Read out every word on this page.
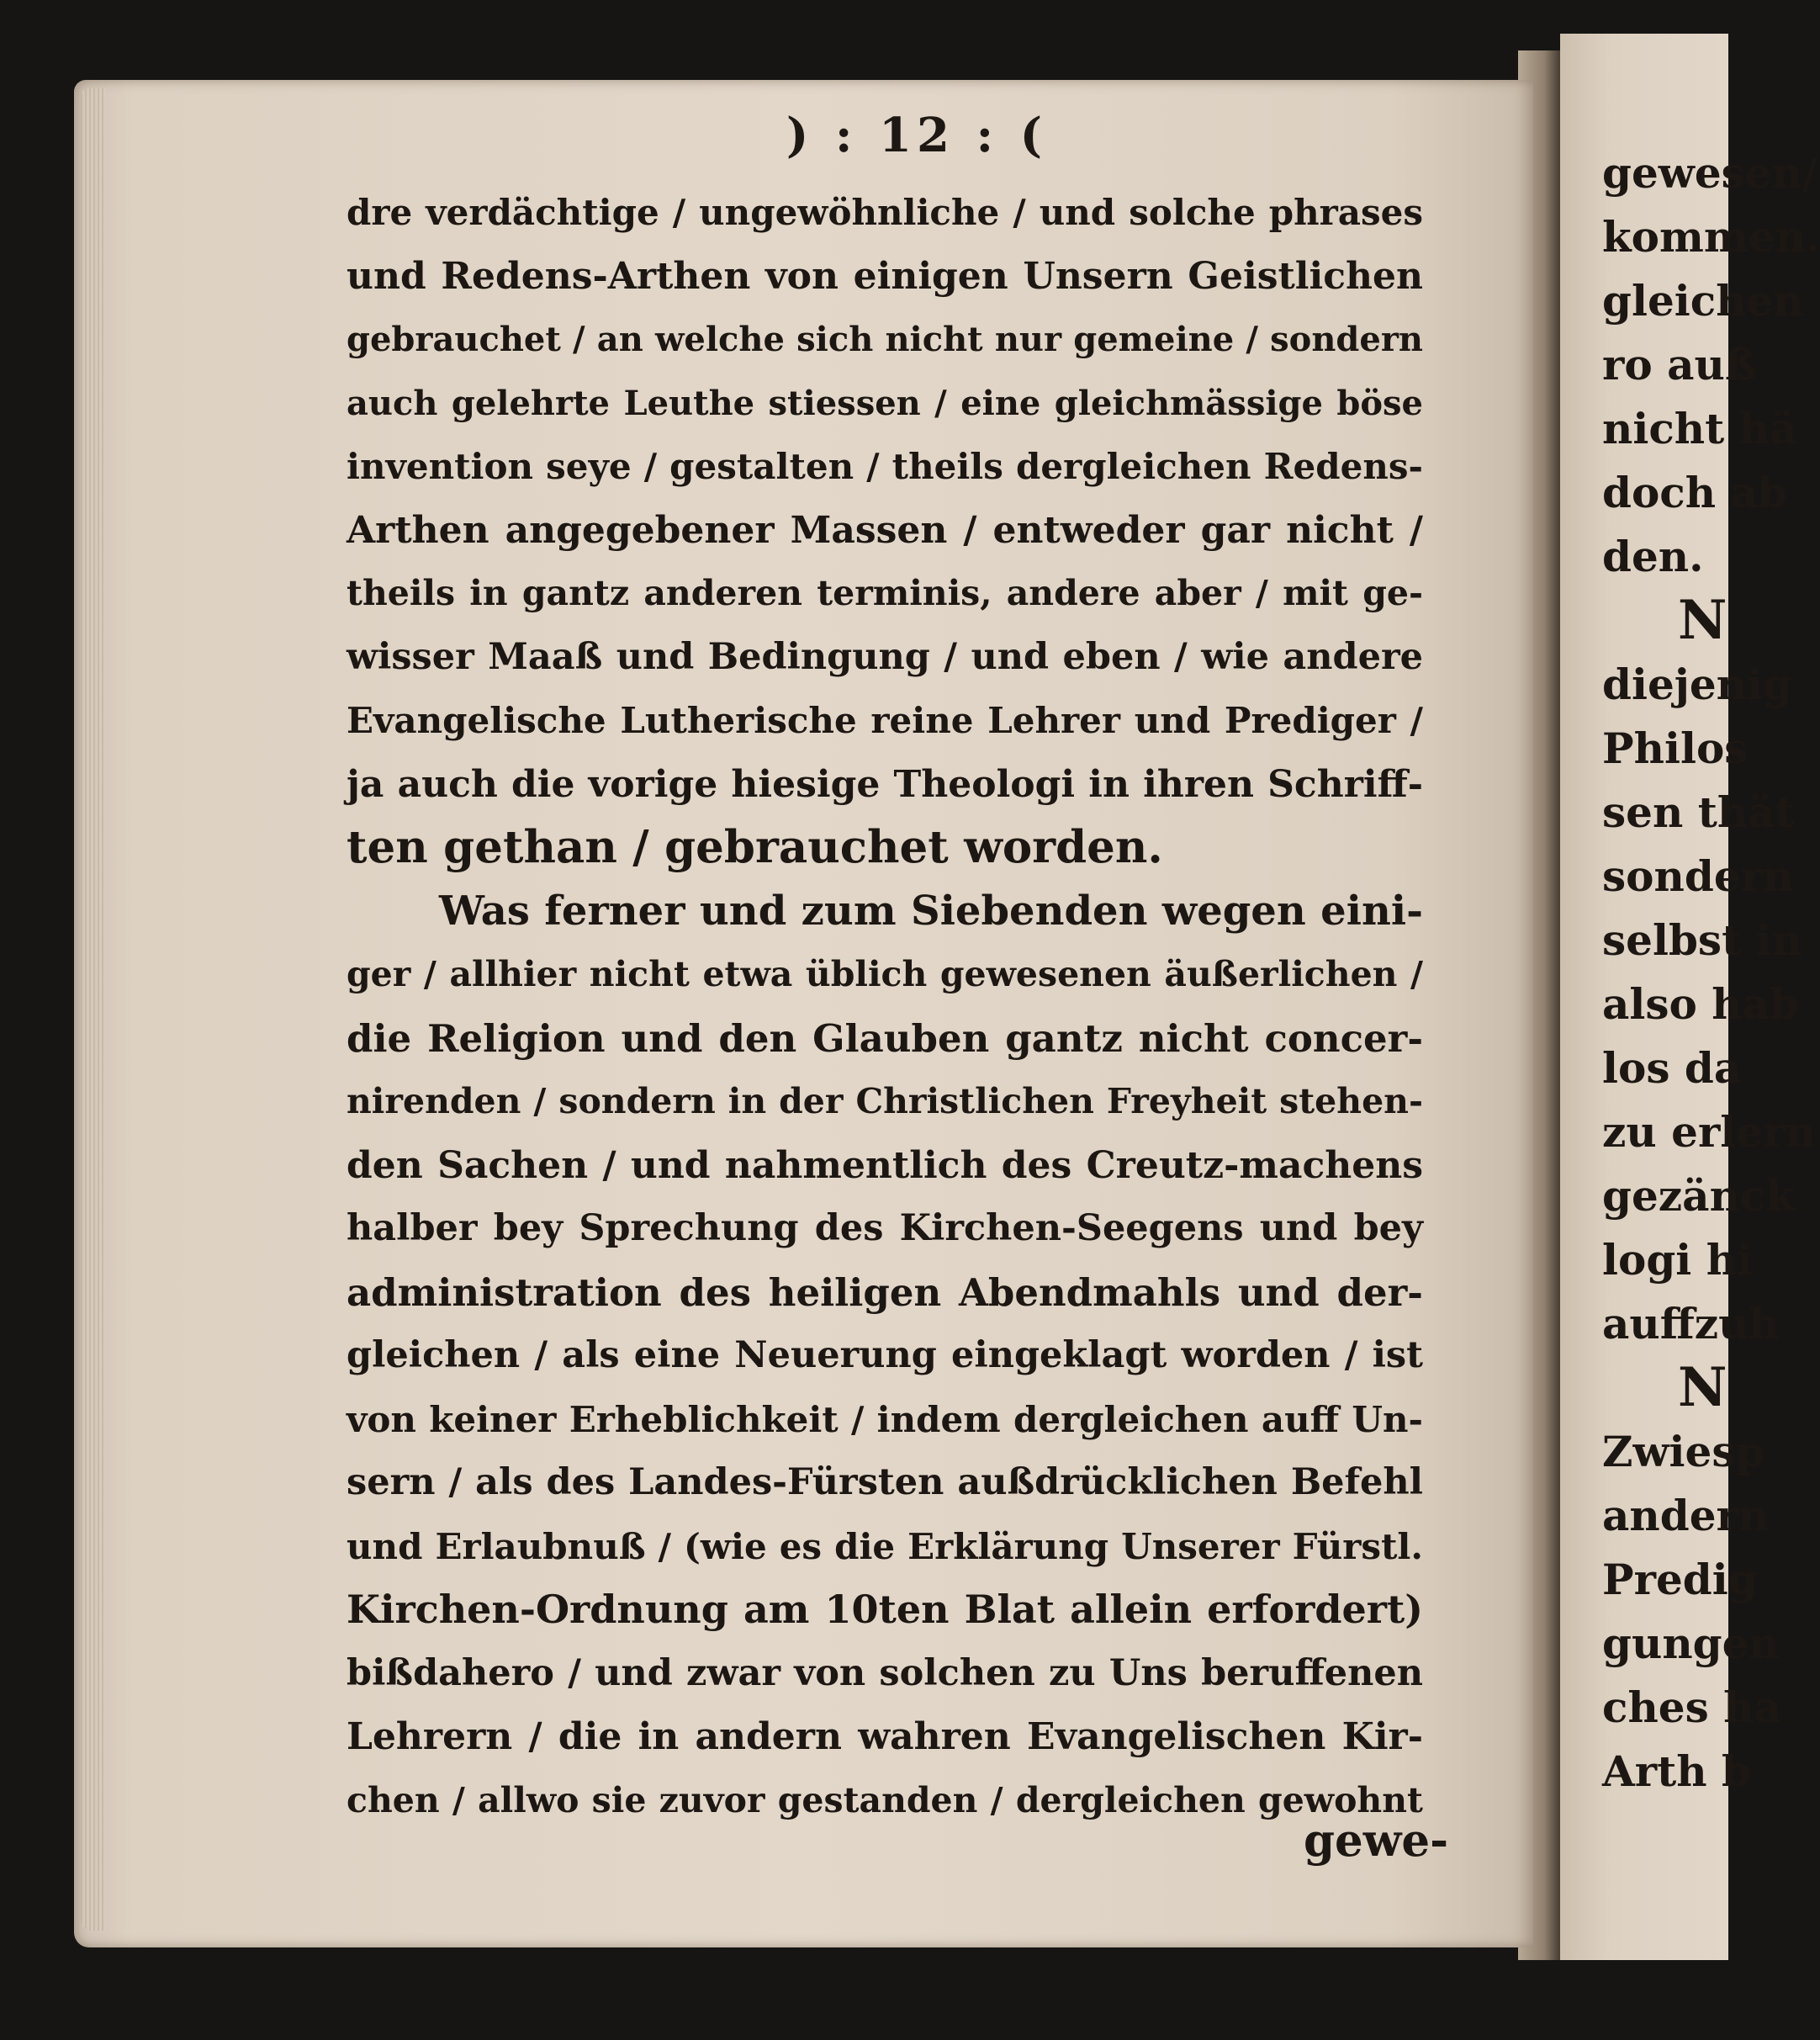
) : 12 : (
dre verdächtige / ungewöhnliche / und solche phrases
und Redens-Arthen von einigen Unsern Geistlichen
gebrauchet / an welche sich nicht nur gemeine / sondern
auch gelehrte Leuthe stiessen / eine gleichmässige böse
invention seye / gestalten / theils dergleichen Redens-
Arthen angegebener Massen / entweder gar nicht /
theils in gantz anderen terminis, andere aber / mit ge-
wisser Maaß und Bedingung / und eben / wie andere
Evangelische Lutherische reine Lehrer und Prediger /
ja auch die vorige hiesige Theologi in ihren Schriff-
ten gethan / gebrauchet worden.
Was ferner und zum Siebenden wegen eini-
ger / allhier nicht etwa üblich gewesenen äußerlichen /
die Religion und den Glauben gantz nicht concer-
nirenden / sondern in der Christlichen Freyheit stehen-
den Sachen / und nahmentlich des Creutz-machens
halber bey Sprechung des Kirchen-Seegens und bey
administration des heiligen Abendmahls und der-
gleichen / als eine Neuerung eingeklagt worden / ist
von keiner Erheblichkeit / indem dergleichen auff Un-
sern / als des Landes-Fürsten außdrücklichen Befehl
und Erlaubnuß / (wie es die Erklärung Unserer Fürstl.
Kirchen-Ordnung am 10ten Blat allein erfordert)
bißdahero / und zwar von solchen zu Uns beruffenen
Lehrern / die in andern wahren Evangelischen Kir-
chen / allwo sie zuvor gestanden / dergleichen gewohnt
gewe-
gewesen/
kommen.
gleichen
ro auß
nicht hä
doch ab
den.
N
diejenig
Philos
sen thät
sondern
selbst in
also hab
los da
zu erlern
gezänck
logi hi
auffzuh
N
Zwiesp
andern
Predig
gungen
ches ha
Arth b
